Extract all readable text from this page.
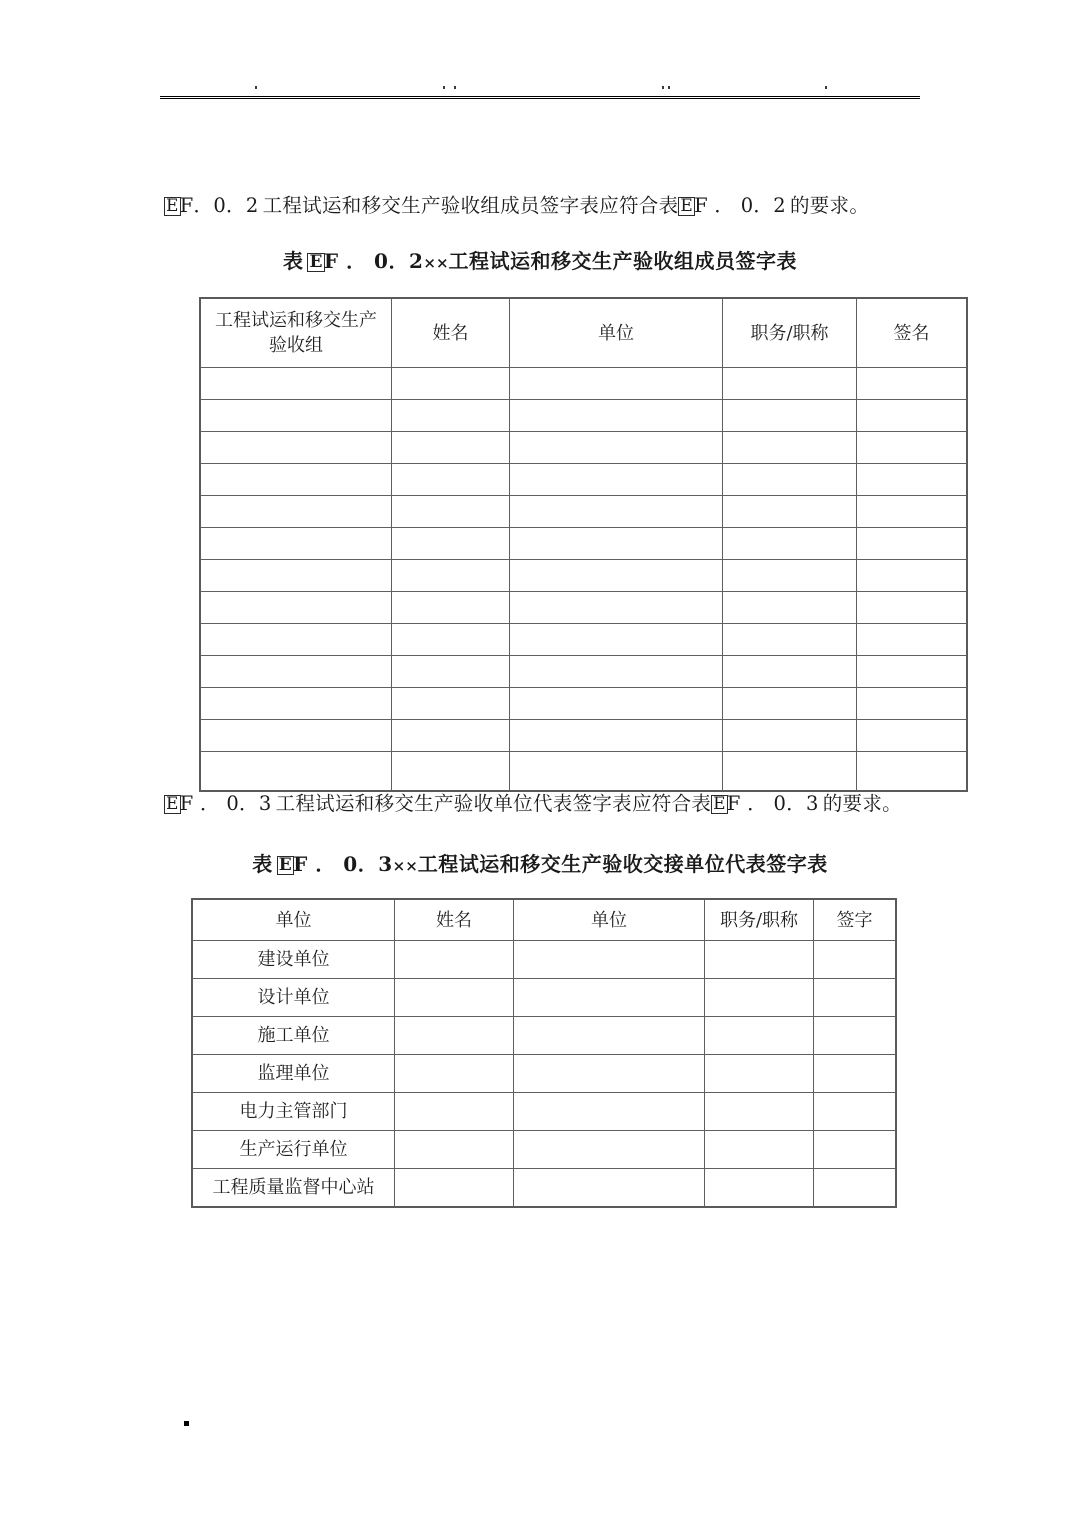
EF．0．2 工程试运和移交生产验收组成员签字表应符合表 EF ． 0．2 的要求。
表 EF ． 0．2××工程试运和移交生产验收组成员签字表
工程试运和移交生产验收组	姓名	单位	职务/职称	签名

EF ． 0．3 工程试运和移交生产验收单位代表签字表应符合表 EF ． 0．3 的要求。
表 EF ． 0．3××工程试运和移交生产验收交接单位代表签字表
单位	姓名	单位	职务/职称	签字
建设单位				
设计单位				
施工单位				
监理单位				
电力主管部门				
生产运行单位				
工程质量监督中心站				
